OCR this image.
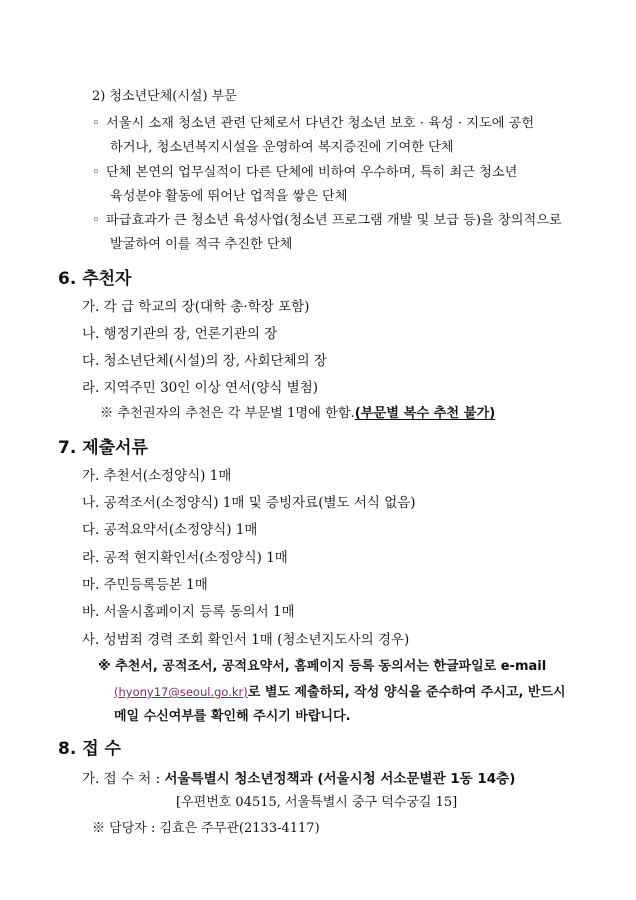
2) 청소년단체(시설) 부문
◦ 서울시 소재 청소년 관련 단체로서 다년간 청소년 보호 · 육성 · 지도에 공헌
하거나, 청소년복지시설을 운영하여 복지증진에 기여한 단체
◦ 단체 본연의 업무실적이 다른 단체에 비하여 우수하며, 특히 최근 청소년
육성분야 활동에 뛰어난 업적을 쌓은 단체
◦ 파급효과가 큰 청소년 육성사업(청소년 프로그램 개발 및 보급 등)을 창의적으로
발굴하여 이를 적극 추진한 단체
6. 추천자
가. 각 급 학교의 장(대학 총·학장 포함)
나. 행정기관의 장, 언론기관의 장
다. 청소년단체(시설)의 장, 사회단체의 장
라. 지역주민 30인 이상 연서(양식 별첨)
※ 추천권자의 추천은 각 부문별 1명에 한함.(부문별 복수 추천 불가)
7. 제출서류
가. 추천서(소정양식) 1매
나. 공적조서(소정양식) 1매 및 증빙자료(별도 서식 없음)
다. 공적요약서(소정양식) 1매
라. 공적 현지확인서(소정양식) 1매
마. 주민등록등본 1매
바. 서울시홈페이지 등록 동의서 1매
사. 성범죄 경력 조회 확인서 1매 (청소년지도사의 경우)
※ 추천서, 공적조서, 공적요약서, 홈페이지 등록 동의서는 한글파일로 e-mail
(hyony17@seoul.go.kr)로 별도 제출하되, 작성 양식을 준수하여 주시고, 반드시
메일 수신여부를 확인해 주시기 바랍니다.
8. 접 수
가. 접 수 처 : 서울특별시 청소년정책과 (서울시청 서소문별관 1동 14층)
[우편번호 04515, 서울특별시 중구 덕수궁길 15]
※ 담당자 : 김효은 주무관(2133-4117)
